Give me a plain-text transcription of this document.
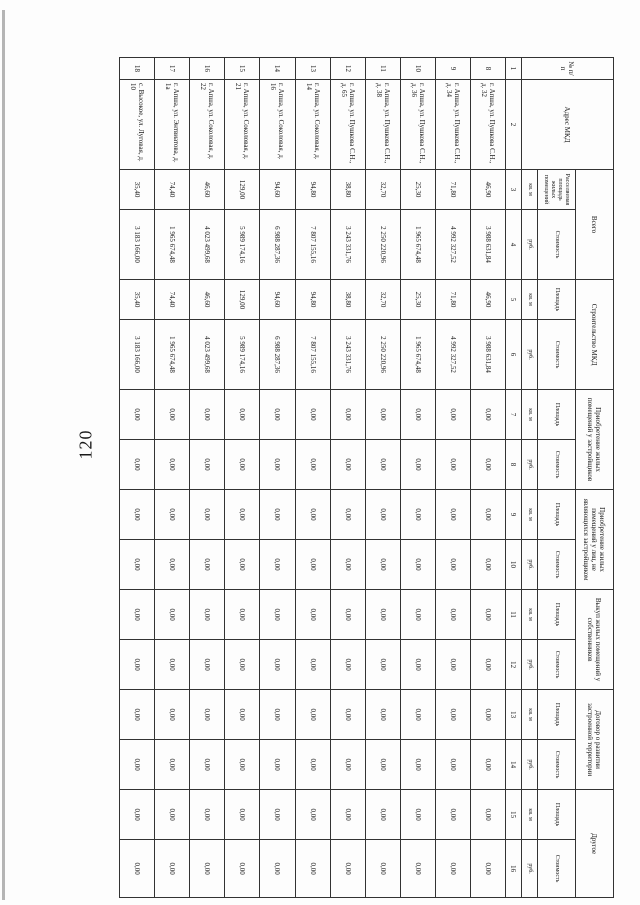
120
№ п/п	Адрес МКД	Всего		Строительство МКД		Приобретение жилых помещений у застройщиков		Приобретение жилых помещений у лиц, не являющихся застройщиком		Выкуп жилых помещений у собственников		Договор о развитии застроенной территории		Другое	
		Расселяемая площадь жилых помещений	Стоимость	Площадь	Стоимость	Площадь	Стоимость	Площадь	Стоимость	Площадь	Стоимость	Площадь	Стоимость	Площадь	Стоимость
		кв. м	руб.	кв. м	руб.	кв. м	руб.	кв. м	руб.	кв. м	руб.	кв. м	руб.	кв. м	руб.
1	2	3	4	5	6	7	8	9	10	11	12	13	14	15	16
8	г. Апша, ул. Пушкова С.Н., д. 32	46,90	3 988 631,84	46,90	3 988 631,84	0,00	0,00	0,00	0,00	0,00	0,00	0,00	0,00	0,00	0,00
9	г. Апша, ул. Пушкова С.Н., д. 34	71,80	4 992 327,52	71,80	4 992 327,52	0,00	0,00	0,00	0,00	0,00	0,00	0,00	0,00	0,00	0,00
10	г. Апша, ул. Пушкова С.Н., д. 36	25,30	1 965 674,48	25,30	1 965 674,48	0,00	0,00	0,00	0,00	0,00	0,00	0,00	0,00	0,00	0,00
11	г. Апша, ул. Пушкова С.Н., д. 38	32,70	2 250 220,96	32,70	2 250 220,96	0,00	0,00	0,00	0,00	0,00	0,00	0,00	0,00	0,00	0,00
12	г. Апша, ул. Пушкова С.Н., д. 65	38,80	3 243 331,76	38,80	3 243 331,76	0,00	0,00	0,00	0,00	0,00	0,00	0,00	0,00	0,00	0,00
13	г. Апша, ул. Соколовая, д. 14	94,80	7 807 155,16	94,80	7 807 155,16	0,00	0,00	0,00	0,00	0,00	0,00	0,00	0,00	0,00	0,00
14	г. Апша, ул. Соколовая, д. 16	94,60	6 988 287,36	94,60	6 988 287,36	0,00	0,00	0,00	0,00	0,00	0,00	0,00	0,00	0,00	0,00
15	г. Апша, ул. Соколовая, д. 21	129,00	5 989 174,16	129,00	5 989 174,16	0,00	0,00	0,00	0,00	0,00	0,00	0,00	0,00	0,00	0,00
16	г. Апша, ул. Соколовая, д. 22	46,60	4 023 499,68	46,60	4 023 499,68	0,00	0,00	0,00	0,00	0,00	0,00	0,00	0,00	0,00	0,00
17	г. Апша, ул. Энтвиатова, д. 1а	74,40	1 965 674,48	74,40	1 965 674,48	0,00	0,00	0,00	0,00	0,00	0,00	0,00	0,00	0,00	0,00
18	с. Высокое, ул. Луговая, д. 10	35,40	3 183 166,00	35,40	3 183 166,00	0,00	0,00	0,00	0,00	0,00	0,00	0,00	0,00	0,00	0,00
